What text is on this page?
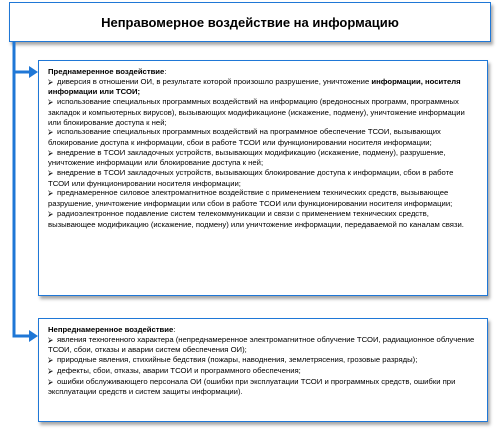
Неправомерное воздействие на информацию
Преднамеренное воздействие:
⮚ диверсия в отношении ОИ, в результате которой произошло разрушение, уничтожение информации, носителя информации или ТСОИ;
⮚ использование специальных программных воздействий на информацию (вредоносных программ, программных закладок и компьютерных вирусов), вызывающих модификационе (искажение, подмену), уничтожение информации или блокирование доступа к ней;
⮚ использование специальных программных воздействий на программное обеспечение ТСОИ, вызывающих блокирование доступа к информации, сбои в работе ТСОИ или функционировании носителя информации;
⮚ внедрение в ТСОИ закладочных устройств, вызывающих модификацию (искажение, подмену), разрушение, уничтожение информации или блокирование доступа к ней;
⮚ внедрение в ТСОИ закладочных устройств, вызывающих блокирование доступа к информации, сбои в работе ТСОИ или функционировании носителя информации;
⮚ преднамеренное силовое электромагнитное воздействие с применением технических средств, вызывающее разрушение, уничтожение информации или сбои в работе ТСОИ или функционировании носителя информации;
⮚ радиоэлектронное подавление систем телекоммуникации и связи с применением технических средств, вызывающее модификацию (искажение, подмену) или уничтожение информации, передаваемой по каналам связи.
Непреднамеренное воздействие:
⮚ явления техногенного характера (непреднамеренное электромагнитное облучение ТСОИ, радиационное облучение ТСОИ, сбои, отказы и аварии систем обеспечения ОИ);
⮚ природные явления, стихийные бедствия (пожары, наводнения, землетрясения, грозовые разряды);
⮚ дефекты, сбои, отказы, аварии ТСОИ и программного обеспечения;
⮚ ошибки обслуживающего персонала ОИ (ошибки при эксплуатации ТСОИ и программных средств, ошибки при эксплуатации средств и систем защиты информации).
